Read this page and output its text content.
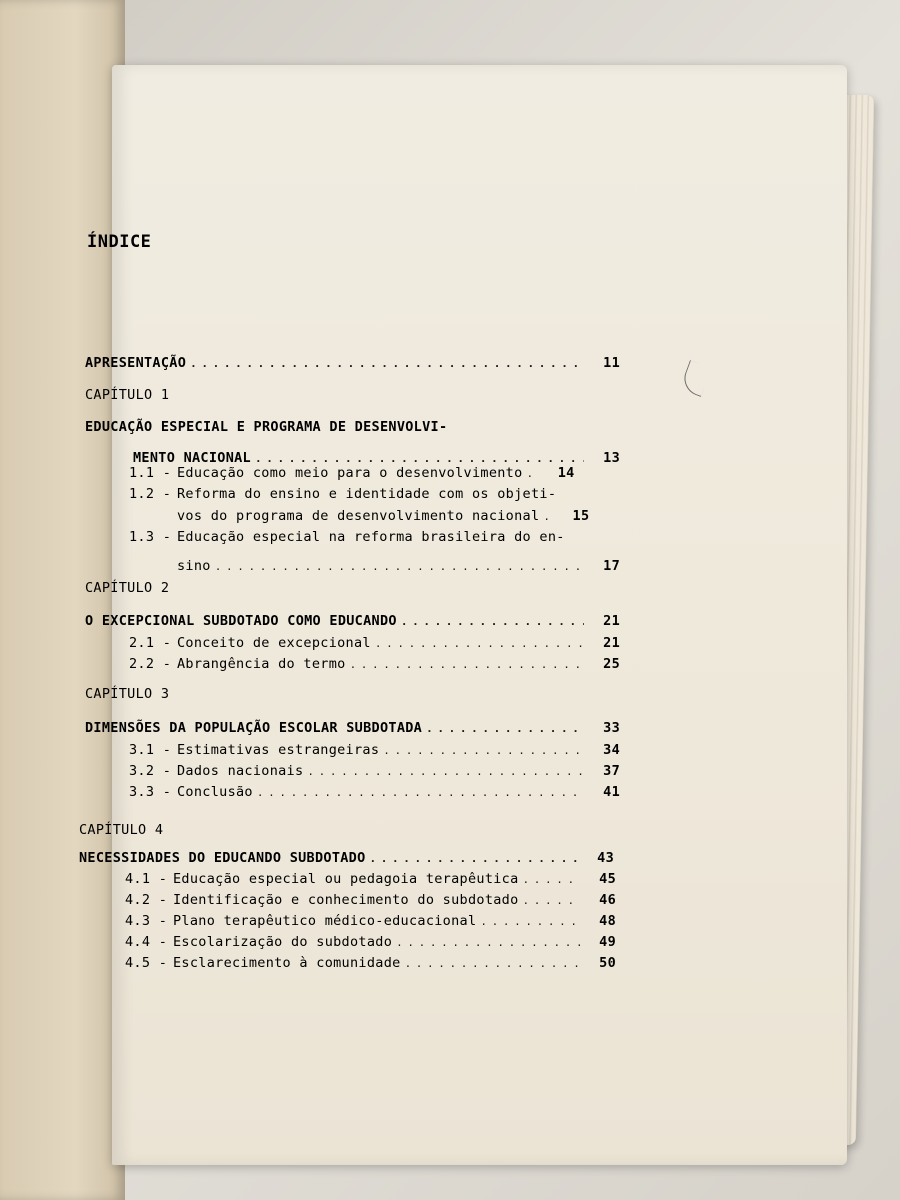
ÍNDICE
APRESENTAÇÃO . . .	11
CAPÍTULO 1
EDUCAÇÃO ESPECIAL E PROGRAMA DE DESENVOLVI-
MENTO NACIONAL . . .	13
1.1 - Educação como meio para o desenvolvimento . . .	14
1.2 - Reforma do ensino e identidade com os objeti-
vos do programa de desenvolvimento nacional . . .	15
1.3 - Educação especial na reforma brasileira do en-
sino . . .	17
CAPÍTULO 2
O EXCEPCIONAL SUBDOTADO COMO EDUCANDO . . .	21
2.1 - Conceito de excepcional . . .	21
2.2 - Abrangência do termo . . .	25
CAPÍTULO 3
DIMENSÕES DA POPULAÇÃO ESCOLAR SUBDOTADA . . .	33
3.1 - Estimativas estrangeiras . . .	34
3.2 - Dados nacionais . . .	37
3.3 - Conclusão . . .	41
CAPÍTULO 4
NECESSIDADES DO EDUCANDO SUBDOTADO . . .	43
4.1 - Educação especial ou pedagoia terapêutica . . .	45
4.2 - Identificação e conhecimento do subdotado . . .	46
4.3 - Plano terapêutico médico-educacional . . .	48
4.4 - Escolarização do subdotado . . .	49
4.5 - Esclarecimento à comunidade . . .	50
